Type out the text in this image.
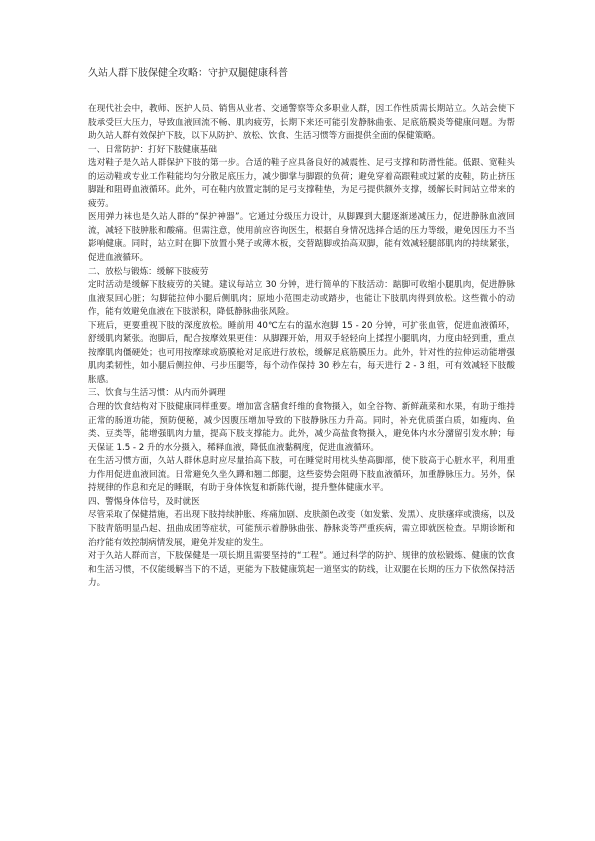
久站人群下肢保健全攻略：守护双腿健康科普

在现代社会中，教师、医护人员、销售从业者、交通警察等众多职业人群，因工作性质需长期站立。久站会使下肢承受巨大压力，导致血液回流不畅、肌肉疲劳，长期下来还可能引发静脉曲张、足底筋膜炎等健康问题。为帮助久站人群有效保护下肢，以下从防护、放松、饮食、生活习惯等方面提供全面的保健策略。

一、日常防护：打好下肢健康基础

选对鞋子是久站人群保护下肢的第一步。合适的鞋子应具备良好的减震性、足弓支撑和防滑性能。低跟、宽鞋头的运动鞋或专业工作鞋能均匀分散足底压力，减少脚掌与脚跟的负荷；避免穿着高跟鞋或过紧的皮鞋，防止挤压脚趾和阻碍血液循环。此外，可在鞋内放置定制的足弓支撑鞋垫，为足弓提供额外支撑，缓解长时间站立带来的疲劳。

医用弹力袜也是久站人群的“保护神器”。它通过分级压力设计，从脚踝到大腿逐渐递减压力，促进静脉血液回流，减轻下肢肿胀和酸痛。但需注意，使用前应咨询医生，根据自身情况选择合适的压力等级，避免因压力不当影响健康。同时，站立时在脚下放置小凳子或薄木板，交替踮脚或抬高双脚，能有效减轻腿部肌肉的持续紧张，促进血液循环。

二、放松与锻炼：缓解下肢疲劳

定时活动是缓解下肢疲劳的关键。建议每站立 30 分钟，进行简单的下肢活动：踮脚可收缩小腿肌肉，促进静脉血液泵回心脏；勾脚能拉伸小腿后侧肌肉；原地小范围走动或踏步，也能让下肢肌肉得到放松。这些微小的动作，能有效避免血液在下肢淤积，降低静脉曲张风险。

下班后，更要重视下肢的深度放松。睡前用 40℃左右的温水泡脚 15 - 20 分钟，可扩张血管，促进血液循环，舒缓肌肉紧张。泡脚后，配合按摩效果更佳：从脚踝开始，用双手轻轻向上揉捏小腿肌肉，力度由轻到重，重点按摩肌肉僵硬处；也可用按摩球或筋膜枪对足底进行放松，缓解足底筋膜压力。此外，针对性的拉伸运动能增强肌肉柔韧性，如小腿后侧拉伸、弓步压腿等，每个动作保持 30 秒左右，每天进行 2 - 3 组，可有效减轻下肢酸胀感。

三、饮食与生活习惯：从内而外调理

合理的饮食结构对下肢健康同样重要。增加富含膳食纤维的食物摄入，如全谷物、新鲜蔬菜和水果，有助于维持正常的肠道功能，预防便秘，减少因腹压增加导致的下肢静脉压力升高。同时，补充优质蛋白质，如瘦肉、鱼类、豆类等，能增强肌肉力量，提高下肢支撑能力。此外，减少高盐食物摄入，避免体内水分潴留引发水肿；每天保证 1.5 - 2 升的水分摄入，稀释血液，降低血液黏稠度，促进血液循环。

在生活习惯方面，久站人群休息时应尽量抬高下肢，可在睡觉时用枕头垫高脚部，使下肢高于心脏水平，利用重力作用促进血液回流。日常避免久坐久蹲和翘二郎腿，这些姿势会阻碍下肢血液循环，加重静脉压力。另外，保持规律的作息和充足的睡眠，有助于身体恢复和新陈代谢，提升整体健康水平。

四、警惕身体信号，及时就医

尽管采取了保健措施，若出现下肢持续肿胀、疼痛加剧、皮肤颜色改变（如发紫、发黑）、皮肤瘙痒或溃疡，以及下肢青筋明显凸起、扭曲成团等症状，可能预示着静脉曲张、静脉炎等严重疾病，需立即就医检查。早期诊断和治疗能有效控制病情发展，避免并发症的发生。

对于久站人群而言，下肢保健是一项长期且需要坚持的“工程”。通过科学的防护、规律的放松锻炼、健康的饮食和生活习惯，不仅能缓解当下的不适，更能为下肢健康筑起一道坚实的防线，让双腿在长期的压力下依然保持活力。
